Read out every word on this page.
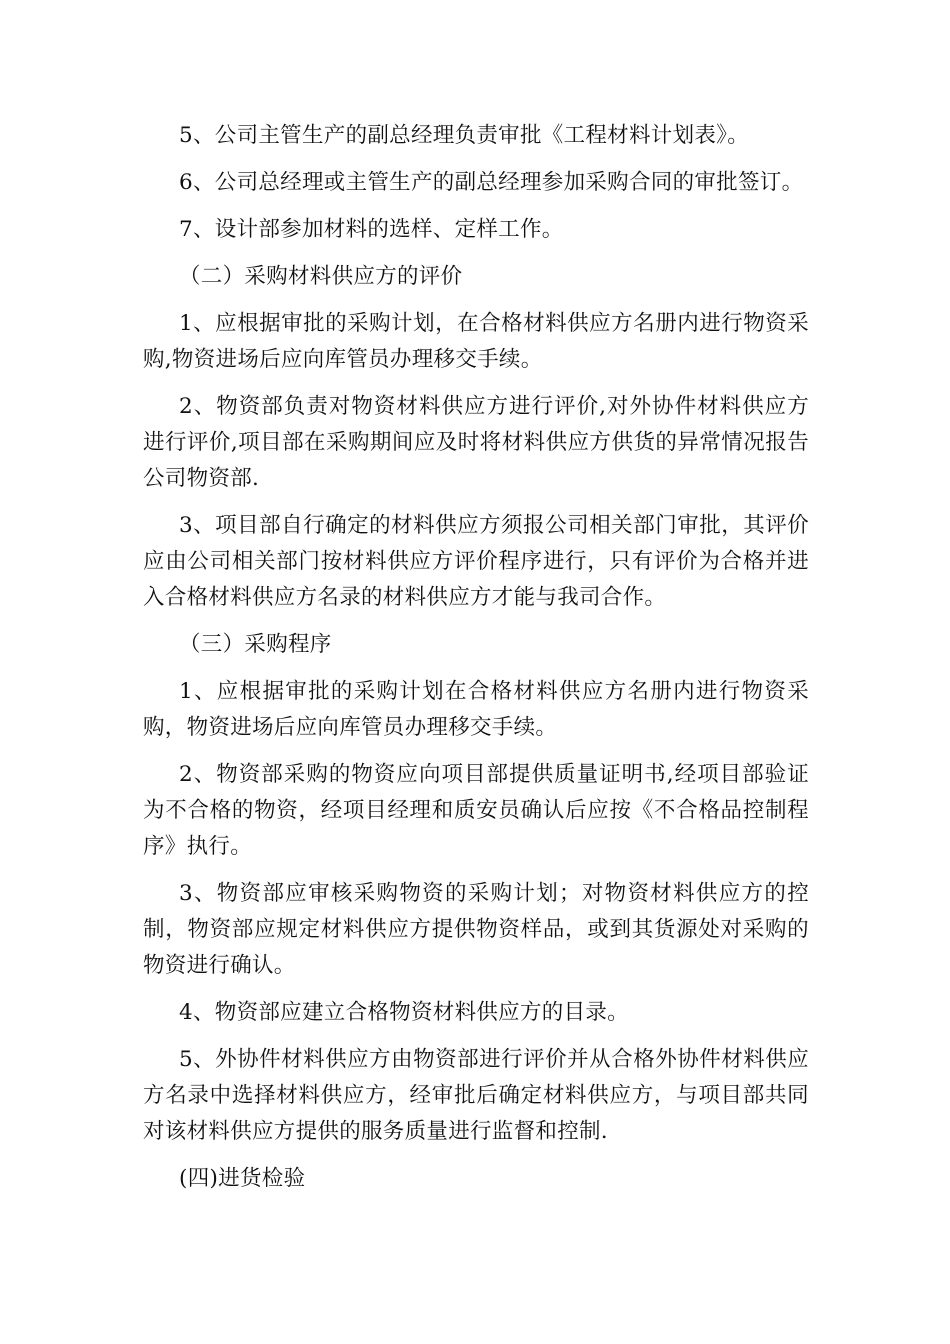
5、公司主管生产的副总经理负责审批《工程材料计划表》。

6、公司总经理或主管生产的副总经理参加采购合同的审批签订。

7、设计部参加材料的选样、定样工作。

（二）采购材料供应方的评价

1、应根据审批的采购计划，在合格材料供应方名册内进行物资采购,物资进场后应向库管员办理移交手续。

2、物资部负责对物资材料供应方进行评价,对外协件材料供应方进行评价,项目部在采购期间应及时将材料供应方供货的异常情况报告公司物资部.

3、项目部自行确定的材料供应方须报公司相关部门审批，其评价应由公司相关部门按材料供应方评价程序进行，只有评价为合格并进入合格材料供应方名录的材料供应方才能与我司合作。

（三）采购程序

1、应根据审批的采购计划在合格材料供应方名册内进行物资采购，物资进场后应向库管员办理移交手续。

2、物资部采购的物资应向项目部提供质量证明书,经项目部验证为不合格的物资，经项目经理和质安员确认后应按《不合格品控制程序》执行。

3、物资部应审核采购物资的采购计划；对物资材料供应方的控制，物资部应规定材料供应方提供物资样品，或到其货源处对采购的物资进行确认。

4、物资部应建立合格物资材料供应方的目录。

5、外协件材料供应方由物资部进行评价并从合格外协件材料供应方名录中选择材料供应方，经审批后确定材料供应方，与项目部共同对该材料供应方提供的服务质量进行监督和控制.

(四)进货检验
